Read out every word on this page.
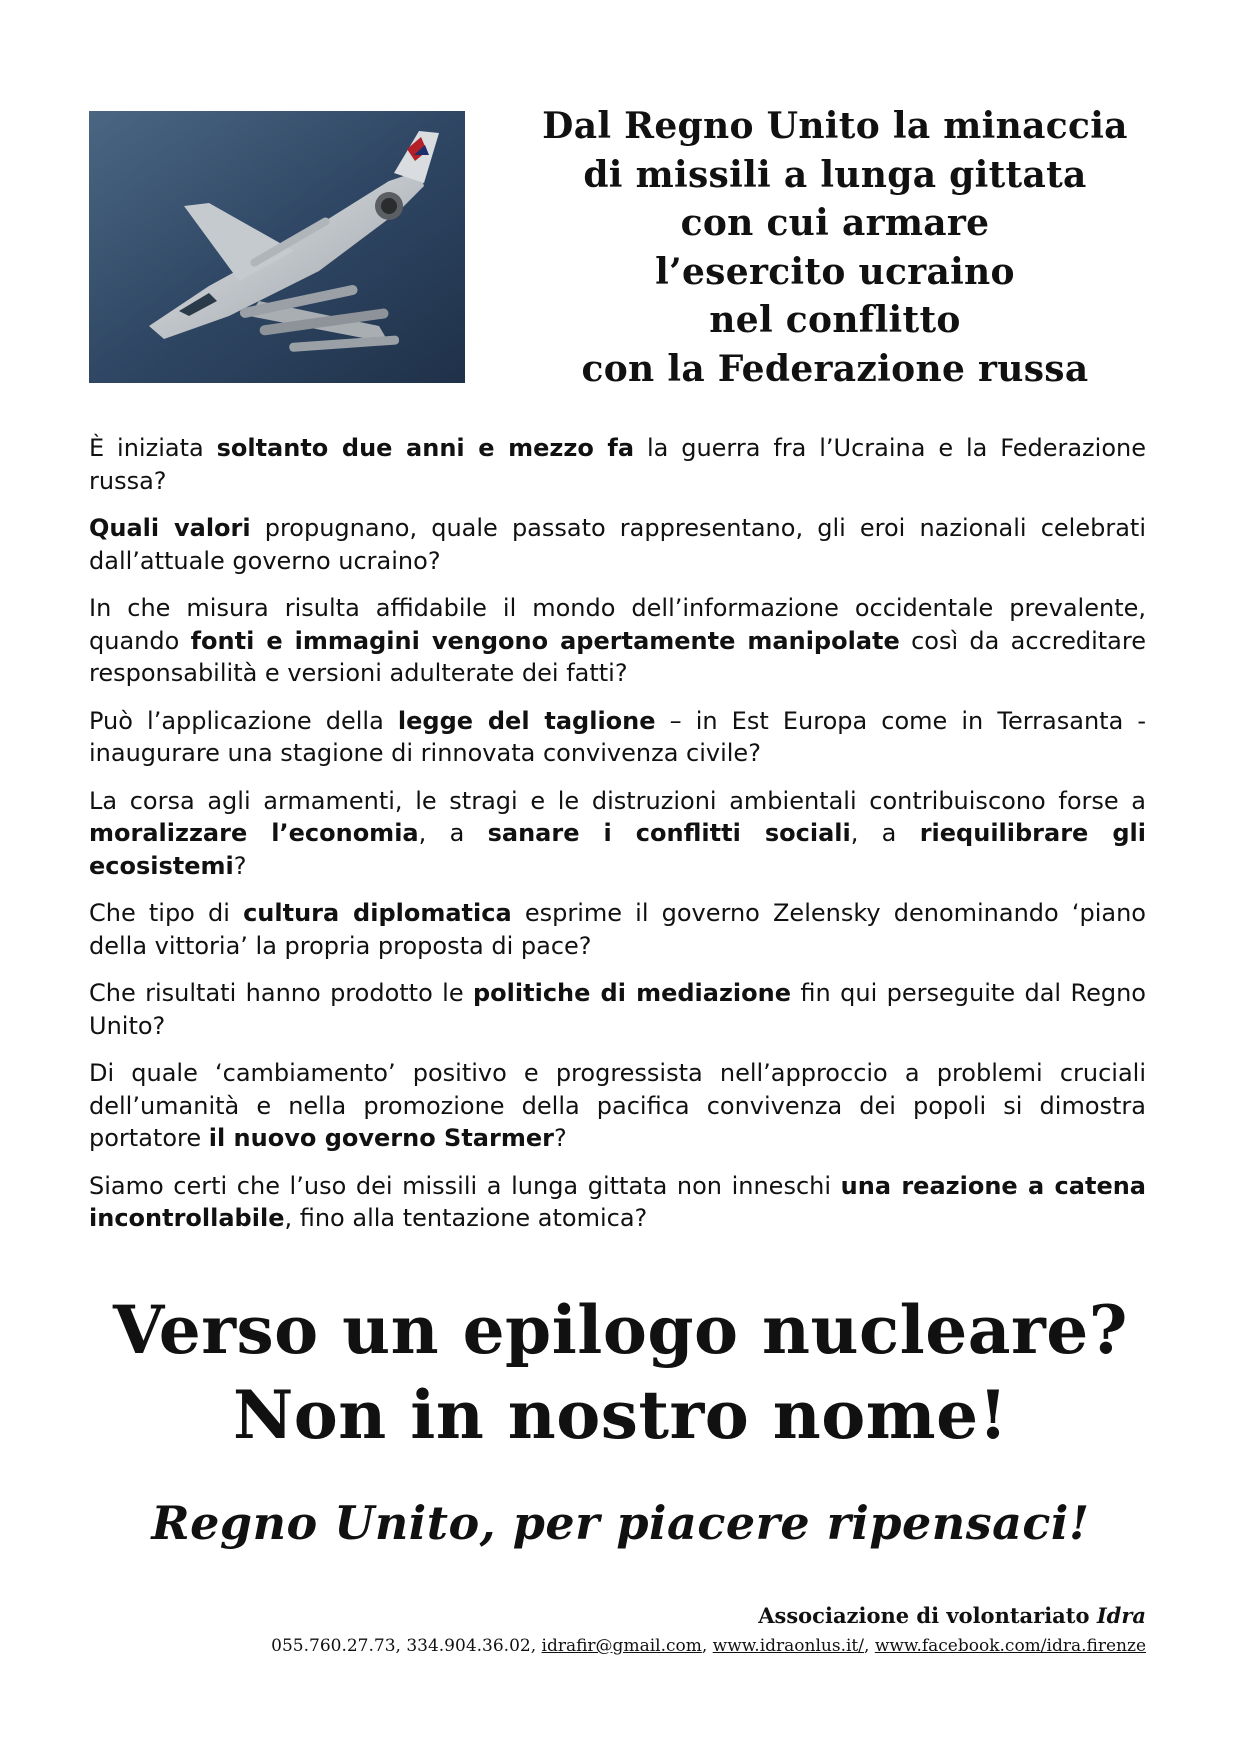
Dal Regno Unito la minaccia
di missili a lunga gittata
con cui armare
l’esercito ucraino
nel conflitto
con la Federazione russa

È iniziata soltanto due anni e mezzo fa la guerra fra l’Ucraina e la Federazione russa?

Quali valori propugnano, quale passato rappresentano, gli eroi nazionali celebrati dall’attuale governo ucraino?

In che misura risulta affidabile il mondo dell’informazione occidentale prevalente, quando fonti e immagini vengono apertamente manipolate così da accreditare responsabilità e versioni adulterate dei fatti?

Può l’applicazione della legge del taglione – in Est Europa come in Terrasanta - inaugurare una stagione di rinnovata convivenza civile?

La corsa agli armamenti, le stragi e le distruzioni ambientali contribuiscono forse a moralizzare l’economia, a sanare i conflitti sociali, a riequilibrare gli ecosistemi?

Che tipo di cultura diplomatica esprime il governo Zelensky denominando ‘piano della vittoria’ la propria proposta di pace?

Che risultati hanno prodotto le politiche di mediazione fin qui perseguite dal Regno Unito?

Di quale ‘cambiamento’ positivo e progressista nell’approccio a problemi cruciali dell’umanità e nella promozione della pacifica convivenza dei popoli si dimostra portatore il nuovo governo Starmer?

Siamo certi che l’uso dei missili a lunga gittata non inneschi una reazione a catena incontrollabile, fino alla tentazione atomica?

Verso un epilogo nucleare?
Non in nostro nome!
Regno Unito, per piacere ripensaci!
Associazione di volontariato Idra
055.760.27.73, 334.904.36.02, idrafir@gmail.com, www.idraonlus.it/, www.facebook.com/idra.firenze
